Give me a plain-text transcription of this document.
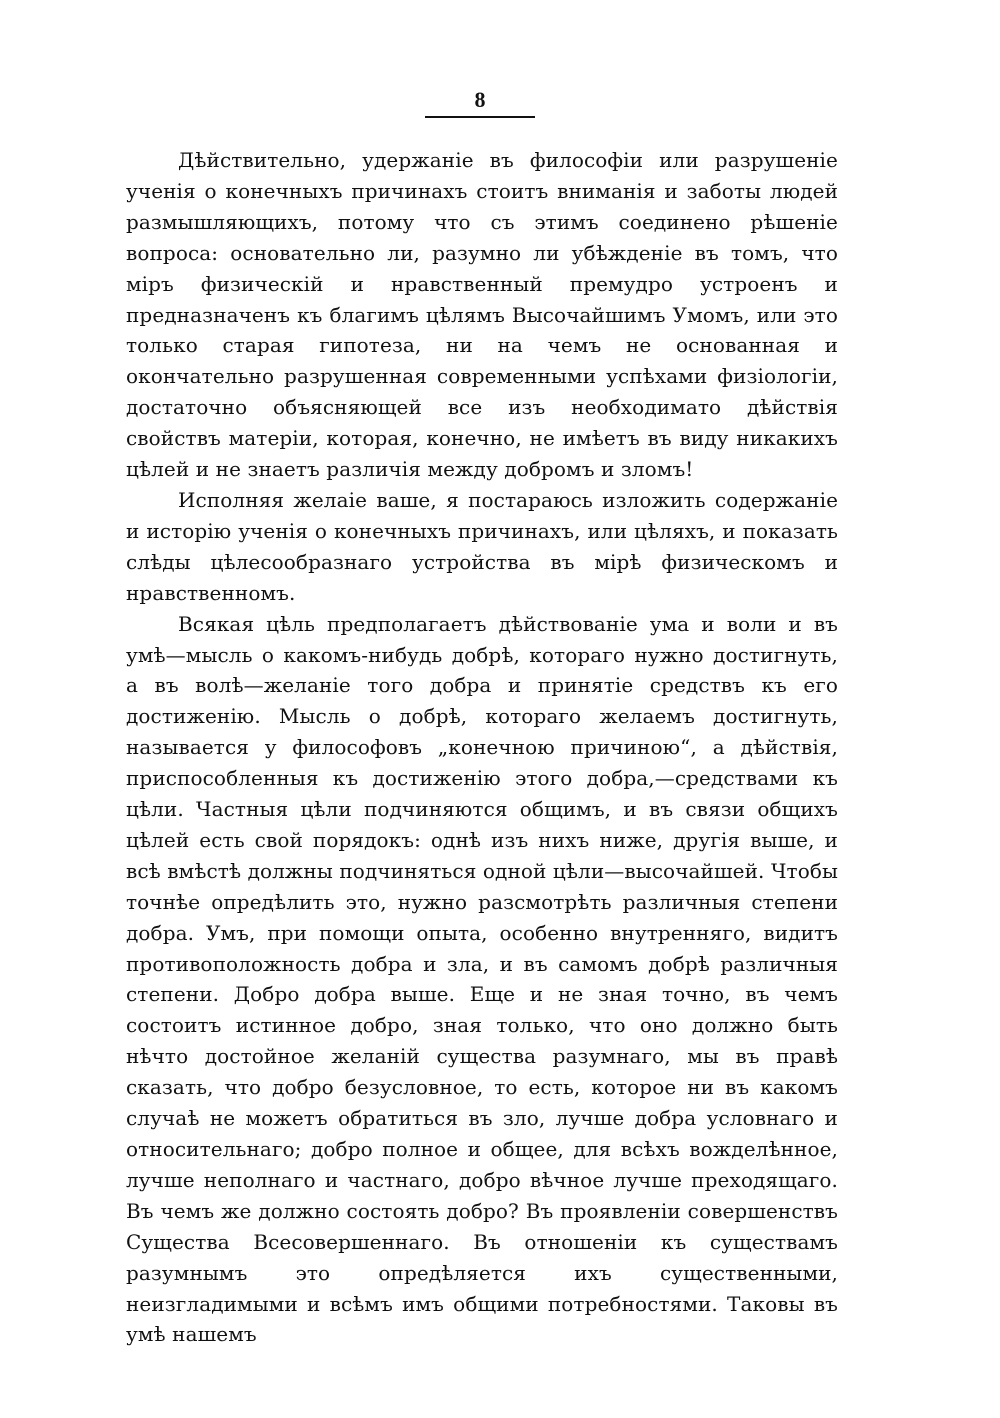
8

Дѣйствительно, удержаніе въ философіи или разрушеніе ученія о конечныхъ причинахъ стоитъ вниманія и заботы людей размышляющихъ, потому что съ этимъ соединено рѣшеніе вопроса: основательно ли, разумно ли убѣжденіе въ томъ, что міръ физическій и нравственный премудро устроенъ и предназначенъ къ благимъ цѣлямъ Высочайшимъ Умомъ, или это только старая гипотеза, ни на чемъ не основанная и окончательно разрушенная современными успѣхами физіологіи, достаточно объясняющей все изъ необходимато дѣйствія свойствъ матеріи, которая, конечно, не имѣетъ въ виду никакихъ цѣлей и не знаетъ различія между добромъ и зломъ!

Исполняя желаіе ваше, я постараюсь изложить содержаніе и исторію ученія о конечныхъ причинахъ, или цѣляхъ, и показать слѣды цѣлесообразнаго устройства въ мірѣ физическомъ и нравственномъ.

Всякая цѣль предполагаетъ дѣйствованіе ума и воли и въ умѣ—мысль о какомъ-нибудь добрѣ, котораго нужно достигнуть, а въ волѣ—желаніе того добра и принятіе средствъ къ его достиженію. Мысль о добрѣ, котораго желаемъ достигнуть, называется у философовъ „конечною причиною“, а дѣйствія, приспособленныя къ достиженію этого добра,—средствами къ цѣли. Частныя цѣли подчиняются общимъ, и въ связи общихъ цѣлей есть свой порядокъ: однѣ изъ нихъ ниже, другія выше, и всѣ вмѣстѣ должны подчиняться одной цѣли—высочайшей. Чтобы точнѣе опредѣлить это, нужно разсмотрѣть различныя степени добра. Умъ, при помощи опыта, особенно внутренняго, видитъ противоположность добра и зла, и въ самомъ добрѣ различныя степени. Добро добра выше. Еще и не зная точно, въ чемъ состоитъ истинное добро, зная только, что оно должно быть нѣчто достойное желаній существа разумнаго, мы въ правѣ сказать, что добро безусловное, то есть, которое ни въ какомъ случаѣ не можетъ обратиться въ зло, лучше добра условнаго и относительнаго; добро полное и общее, для всѣхъ вожделѣнное, лучше неполнаго и частнаго, добро вѣчное лучше преходящаго. Въ чемъ же должно состоять добро? Въ проявленіи совершенствъ Существа Всесовершеннаго. Въ отношеніи къ существамъ разумнымъ это опредѣляется ихъ существенными, неизгладимыми и всѣмъ имъ общими потребностями. Таковы въ умѣ нашемъ
